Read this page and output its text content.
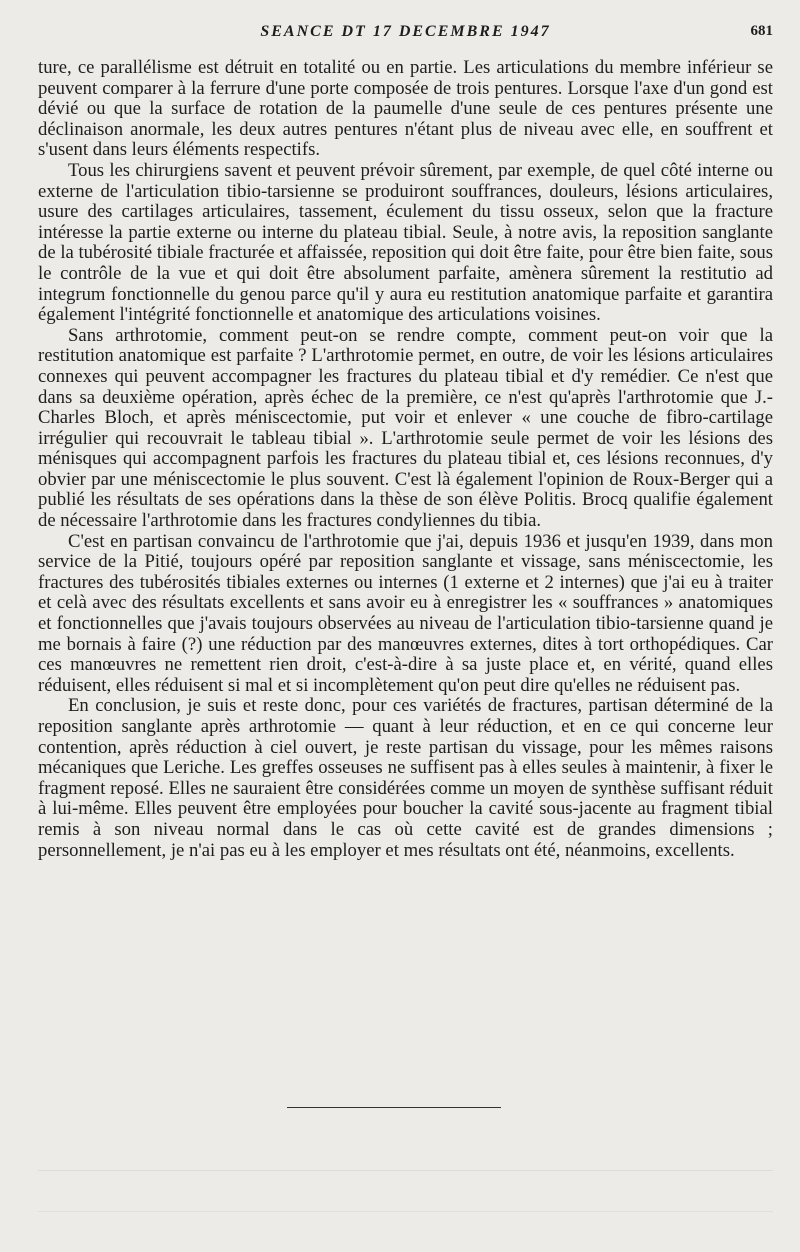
SEANCE DT 17 DECEMBRE 1947	681

ture, ce parallélisme est détruit en totalité ou en partie. Les articulations du membre inférieur se peuvent comparer à la ferrure d'une porte composée de trois pentures. Lorsque l'axe d'un gond est dévié ou que la surface de rotation de la paumelle d'une seule de ces pentures présente une déclinaison anormale, les deux autres pentures n'étant plus de niveau avec elle, en souffrent et s'usent dans leurs éléments respectifs.

Tous les chirurgiens savent et peuvent prévoir sûrement, par exemple, de quel côté interne ou externe de l'articulation tibio-tarsienne se produiront souffrances, douleurs, lésions articulaires, usure des cartilages articulaires, tassement, éculement du tissu osseux, selon que la fracture intéresse la partie externe ou interne du plateau tibial. Seule, à notre avis, la reposition sanglante de la tubérosité tibiale fracturée et affaissée, reposition qui doit être faite, pour être bien faite, sous le contrôle de la vue et qui doit être absolument parfaite, amènera sûrement la restitutio ad integrum fonctionnelle du genou parce qu'il y aura eu restitution anatomique parfaite et garantira également l'intégrité fonctionnelle et anatomique des articulations voisines.

Sans arthrotomie, comment peut-on se rendre compte, comment peut-on voir que la restitution anatomique est parfaite ? L'arthrotomie permet, en outre, de voir les lésions articulaires connexes qui peuvent accompagner les fractures du plateau tibial et d'y remédier. Ce n'est que dans sa deuxième opération, après échec de la première, ce n'est qu'après l'arthrotomie que J.-Charles Bloch, et après méniscectomie, put voir et enlever « une couche de fibro-cartilage irrégulier qui recouvrait le tableau tibial ». L'arthrotomie seule permet de voir les lésions des ménisques qui accompagnent parfois les fractures du plateau tibial et, ces lésions reconnues, d'y obvier par une méniscectomie le plus souvent. C'est là également l'opinion de Roux-Berger qui a publié les résultats de ses opérations dans la thèse de son élève Politis. Brocq qualifie également de nécessaire l'arthrotomie dans les fractures condyliennes du tibia.

C'est en partisan convaincu de l'arthrotomie que j'ai, depuis 1936 et jusqu'en 1939, dans mon service de la Pitié, toujours opéré par reposition sanglante et vissage, sans méniscectomie, les fractures des tubérosités tibiales externes ou internes (1 externe et 2 internes) que j'ai eu à traiter et celà avec des résultats excellents et sans avoir eu à enregistrer les « souffrances » anatomiques et fonctionnelles que j'avais toujours observées au niveau de l'articulation tibio-tarsienne quand je me bornais à faire (?) une réduction par des manœuvres externes, dites à tort orthopédiques. Car ces manœuvres ne remettent rien droit, c'est-à-dire à sa juste place et, en vérité, quand elles réduisent, elles réduisent si mal et si incomplètement qu'on peut dire qu'elles ne réduisent pas.

En conclusion, je suis et reste donc, pour ces variétés de fractures, partisan déterminé de la reposition sanglante après arthrotomie — quant à leur réduction, et en ce qui concerne leur contention, après réduction à ciel ouvert, je reste partisan du vissage, pour les mêmes raisons mécaniques que Leriche. Les greffes osseuses ne suffisent pas à elles seules à maintenir, à fixer le fragment reposé. Elles ne sauraient être considérées comme un moyen de synthèse suffisant réduit à lui-même. Elles peuvent être employées pour boucher la cavité sous-jacente au fragment tibial remis à son niveau normal dans le cas où cette cavité est de grandes dimensions ; personnellement, je n'ai pas eu à les employer et mes résultats ont été, néanmoins, excellents.
